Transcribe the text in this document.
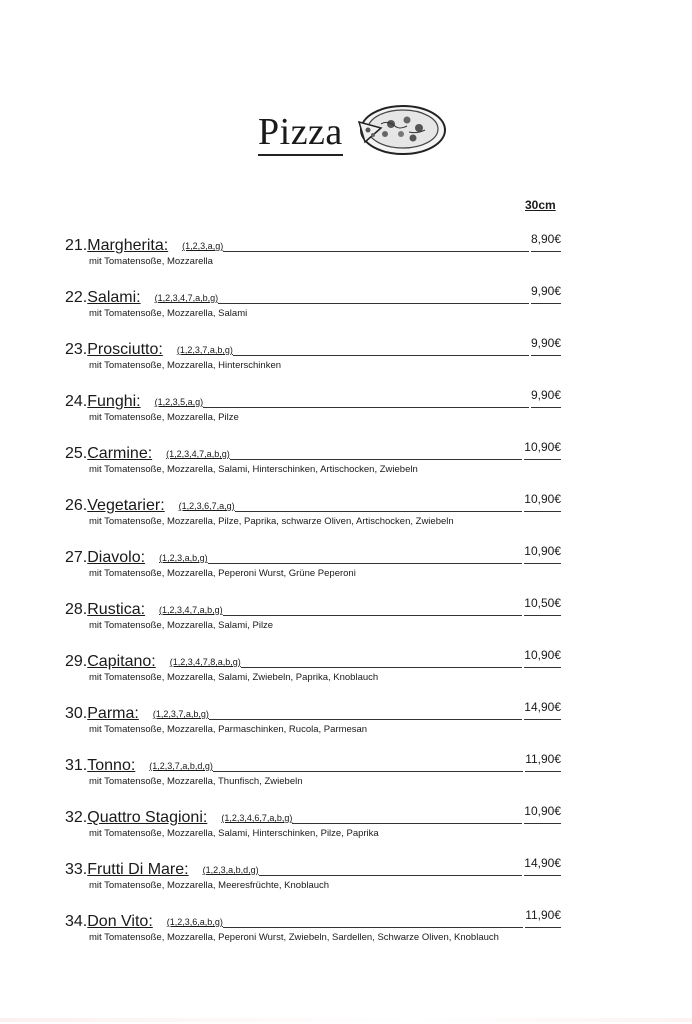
Pizza
30cm
21. Margherita: (1,2,3,a,g)	8,90€
mit Tomatensoße, Mozzarella
22. Salami: (1,2,3,4,7,a,b,g)	9,90€
mit Tomatensoße, Mozzarella, Salami
23. Prosciutto: (1,2,3,7,a,b,g)	9,90€
mit Tomatensoße, Mozzarella, Hinterschinken
24. Funghi: (1,2,3,5,a,g)	9,90€
mit Tomatensoße, Mozzarella, Pilze
25. Carmine: (1,2,3,4,7,a,b,g)	10,90€
mit Tomatensoße, Mozzarella, Salami, Hinterschinken, Artischocken, Zwiebeln
26. Vegetarier: (1,2,3,6,7,a,g)	10,90€
mit Tomatensoße, Mozzarella, Pilze, Paprika, schwarze Oliven, Artischocken, Zwiebeln
27. Diavolo: (1,2,3,a,b,g)	10,90€
mit Tomatensoße, Mozzarella, Peperoni Wurst, Grüne Peperoni
28. Rustica: (1,2,3,4,7,a,b,g)	10,50€
mit Tomatensoße, Mozzarella, Salami, Pilze
29. Capitano: (1,2,3,4,7,8,a,b,g)	10,90€
mit Tomatensoße, Mozzarella, Salami, Zwiebeln, Paprika, Knoblauch
30. Parma: (1,2,3,7,a,b,g)	14,90€
mit Tomatensoße, Mozzarella, Parmaschinken, Rucola, Parmesan
31. Tonno: (1,2,3,7,a,b,d,g)	11,90€
mit Tomatensoße, Mozzarella, Thunfisch, Zwiebeln
32. Quattro Stagioni: (1,2,3,4,6,7,a,b,g)	10,90€
mit Tomatensoße, Mozzarella, Salami, Hinterschinken, Pilze, Paprika
33. Frutti Di Mare: (1,2,3,a,b,d,g)	14,90€
mit Tomatensoße, Mozzarella, Meeresfrüchte, Knoblauch
34. Don Vito: (1,2,3,6,a,b,g)	11,90€
mit Tomatensoße, Mozzarella, Peperoni Wurst, Zwiebeln, Sardellen, Schwarze Oliven, Knoblauch
